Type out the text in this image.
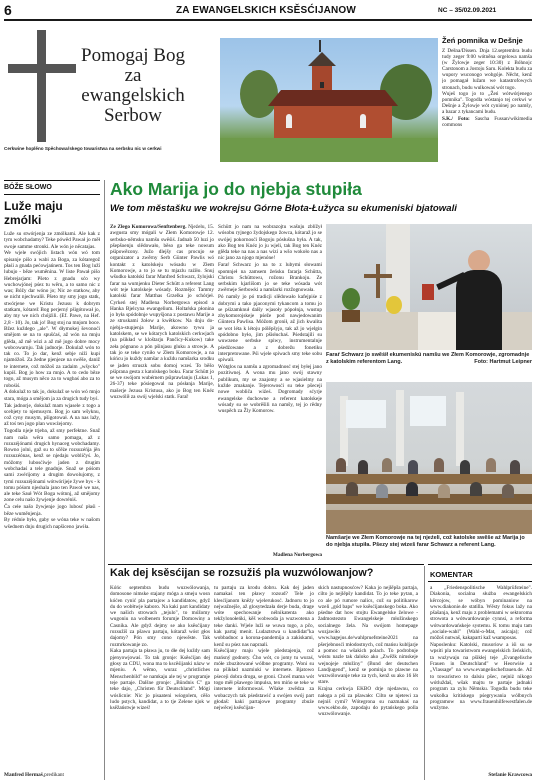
6	ZA EWANGELSKICH KSĚSĆIJANOW	NC – 35/02.09.2021
Pomogaj Bog
za
ewangelskich
Serbow
Cerkwine hoplěno Spěchowaŕskego towaristwa na serbsku nic w cerkwi
Žeń pomnika w Dešnje

Z Dešna/Dissen. Dnja 12.septembra budu tudy zeger 9:00 wótněna orgelowa namša (w Žylowje zeger 10:30) z Bóhnojc Carstonom a Jostoju Saru. Kolekta budu za wupory wuconogo wobgóje. Něcht, kenž jo pomagał lužam we katastrofowych stronach, budu wulkowaś wót togo.

Wuješ togo jo to „Žeń wótwórjenego pomnika". Togodla wóstanjo tej cerkwi w Dešnje a Žylowje wót cyniónej po namšy, a bazar z tykancami budu.

S.K./ Foto: Sascha Fussan/wikimedia commons

BÓŽE SŁOWO
Luže maju zmólki

Luže su stwórjenja ze zmólkami. Ale kak z tym wobchadamy? Teke pówěd Pawał jo měł swoje samme stronki. Ale wón je něcatajas.

We wjele swójich listach wón wó tom spisanje pišo a wabi za Boga, za kótaregož płaśi a gnada pećowjańnem. Tos ten Bog luží lubujo - běze wuměnina. W liste Pawał pišo Hebrejarjam: Pšeto z gnadu sćo wy wuchowjónej pśez tu wěru, a to samo nic z was; Bóžy dar wóno jo; Nic ze statkow, aby se nicht njechwalił. Pšeto my smy jogo statk, stwórjene we Kristu Jezusu k dobrym statkam, kótarež Bog perjerný pšigótował jo, aby my we nich chójźili. (Ef. Pawe, na Hef. 2,8 - 10). Jo, tak jo! Bog stoj na mnjom boce. Bžez kuždego „ale". W dłymokej ševonoći smějom se na to spušćaś, až wón na mnju glěda, až mě wizi a až mě jogo dobre mocy wobcowarnju. Tak jadnorje. Dokulaž wón to tak co. To jo dar, kenž sebje niži kupi njamóžoš. Za žedne pjenjeze na swěše, daniž te internete, což móžoš za zadaim „wšycko" kupiš. Bog jo how za mnjo. A to cedo běze togo, až musym něco za to wugbaś abo za to robośiś.

A dokulaž to tak jo, dokulaž se wón wó mnjo stara, móga a smějom ja za drugich tudy byś.

Tak jadnorje, dokulaž mam wjasele z togo a scebjety to njemusym. Bog jo sam wšyknu, což cyny musym, pšigotował. A na nas lažy, až toś ten jogo plan wuwźejomy.

Togodla njeje trjeba, až smy perfektne. Snaž nam naša wěra samo pomaga, až z rozuzéjónami drugich hynaceg wobchadamy. Rowno jolni, gaž su to sčěże rozsuzéńja jěn rozsuzéónas, kenž se njedaju wobličyś. Jo, móžomy lubosćiwje jaden z drugim wobchadaś a tele gnadnje. Snaž se póśom sami zwérijomy a drugim dowolujomy, z tymi rozsuzéjónami wótwórijeje žywe bys - k tomu póśom njeshala jano ten Pawoł we nas, ale teke Sauł Wót Boga wótnnj, až smějomy zone celu našo žywjenje dowréniś.

Ča cełe našo žywjenje jogo lubosć płaśi - běze wuměnjenja.

By rédnie było, gaby se wóna teke w našom wšednem dnju drugich napšiceno jawiła.

Manfred Hermaš,predikant
Ako Marija jo do njebja stupiła
We tom městašku we wokrejsu Górne Błota-Łužyca su ekumeniski bjatowali

Ze Złego Komorowa/Senftenberg. Njeźelu, 15. awgusta smy mógali w Złem Komorowje 12. serbsko-němsku namšu swěśiś. Jadnab 50 luzi jo pšepšoenju slědowało, běso ga teke nowum pśipowězony. Južo dlejšy cas procujo se organizator a zwěrny Serb Günter Pawlis wó kontakt z katolskeju wósadu w Złem Komorowje, a to jo se tu mjazlu raźiło. Snuj wšudko katolski farar Manfred Schwarz, žylojski farar na wumjenku Dieter Schütt a referent Lang wót teje katolskeje wósady. Rozmějo: Tammy katolski farar Matthas Grzelka jo schórjeł. Cyrkeń stej Madlena Norbergowa episod a Hanka Bjelcyna ewangelium. Holtaŕska płonina jo była spódobnje wupyšjona z postawu Marije a ze struskami žołow a kwětkow. Na dnju do-njebja-stupjenja Marije, akowno tywu ja katolskem, se we kótarych katolskich cerkwjach (na pśikład w kloštarju Pančicy-Kukow) take zeła pógnano a pón pšinjasu gluku a strowje. A tak jo se teke cyniło w Złem Komorowje, a na kóńcu jo kuždy namšar a kuždu namšarka srodku se jaden struszk sobu domoj wześ. To běšo pśiprana gesta z katolskego boku. Farar Schütt jo se we swójom wubérnem pśiprawlanju (Lukas 1, 26-37) teke pósiegowal na pósłanja Marije, mašerje Jezusa Kristusa, ako jo Bog ten Knéz wuzwólił za swój wjelski statk. Farař

Schütt jo nam na wobrazojtu wašnju zblížył wósobu ryjnego žydojskego žowca, kótaraž jo se swójej pokornosći Bogoju pósłušna była. A tak, ako Bog ten Knéz jo ju wjeli, tak Bog ten Knéz glěda teke na nas a nas wizi a wšo wokoło nas a nic jano za njogo mjenóne!

Faraŕ Schwarz jo na to z lubymi słowami spomnjeł na zamsem žeńsku fararja Schütta, Christu Schüttowu, rožonu Brankoju. Ze serbskim kjarlišom jo se teke wósada wót zwěrneje Serbowki a namšarki rozžognowała.

Pó namšy jo pó tradicji slědowało kafejpiśe z dobrymi a tako pjaconymi tykancom a tomu jo se pśizamknuł dalšy wjasoły pópołnja, wustup zhykomorojskeje pśeže pod nawjedowanim Güntera Pawlisa. Móžom gronił, až jich kwalita se wot léta k létoju pólěpšyjo, tak až jo wjelgin spódobno było, jim pšisłuchaś. Pśedstajili su wuwzene serbske spiwy, instrumentalnje pśedźowane a z dobrežu fonetiku interpretowane. Pśi wjele spiwach smy teke sobu spiwali.

Wótglos na namšu a zgromadnosć stej byłej jano pozitiwnej. A wona mu jano swój stawny publikum, my se znajomy a se wjasielmy na kužde zmakanje. Tejerowosći su teke pšeceji nowe wobliča wiźeś. Dogromady sćyrje ewangelske duchowne a referent katolskeje wósady su se wobrěšili na namšy, tej jo rědny wuspěch za Žly Komorow.

Madlena Norbergowa
Faraŕ Schwarz jo swěśił ekumeniskú namšu we Złem Komorowje, zgromadnje z katolskim referentom Lang.	Foto: Hartmut Leipner
Namšarje we Złem Komorowje na tej njeźeli, což katolske swěše aź Marija jo do njebja stupiła. Pšezy stej wizeš farar Schwarz a referent Lang.
Kak dej ksěsćijan se rozsužiś pla wuzwólowanjow?

Kóńc septembra budu wuzwólowanja, domosone nimske stajany móga a smeju wosn kóćen cynić pla partajow a kandidatow, gdyž du do wobłtwje kaboro. Na kaki part kandidaty we našich strowach „tejulo", to móžomy wugoniu na wolbenem forumje Domowiny a Casnika. Ale gdyž dejmy se ako ksěsćijany rozsužiš za pšawu partaju, kótaraž wóst głos dajomy? Pón smy cono njewěste. Tak rozmrkowanje zo.

Kaka partaja ta pława ju, to dłe dej kuždy sam pjenyowjowaś. To tak gronje: Ksěsćijan dej głosy za CDU, wona ma to kscěśijanki názw w mjeniu. A wěmo, wuraz „christliches Menschenbild" se namkaju ale tej w programje teje partaje. Dalšne gronje: „Bündnis C" ga teke dajo, „Christen für Deutschland". Mógi wóslicnie: Nic jo pisaateni wśogolem, cěšo ludo pstych, kandidat, a to tje Zelene njok w ksěžaństwje wiześ!

tu partaju za krodu dobru. Kak dej jaden namakaś ten pławy rozsud? Tele jo klesćijanom kněży wjelerukosć. Jadnoru to jo nejwažnejše, až glosytedzała derje buda, drage wóte spechowanje nélnikatenta ako tekžylonołeńki, kěš wobwoda ja wuzwotena a teke danki. Wjele luži se wuwa togo, a pčo, kak partaj menit. Ludaztstwa u kandidat"ka wobbadnoc a korona-pandemija a zakiskami, kenž su pśez nas napraali.

Ksěsćijany maju wjele pšedstajenja, což mańsný godnoty. Ćho wót, co jomy tu wuraś, mółe zbuzitowané wólbne programy. Woni su na pšikład nazmiuki w internete. Bjatowo pśeceji dobra droga, se groni. Chceš mama wót togo měł pšawego impulsa, ten mińo se teke w internete informowaś. Wšake zwědza za wobaczych tak pśedstawić a swójen swój part głodaš: kaki partajowe programy zbuźe nejwěcej ksěsćijan-

skich nastupnosćow? Kaka jo nejlěpša partaja, cilto jo nejlěpšy kandidat. To jo teke pytan, a co ale pó rumore nalics, což su politikarow wzeli „gód baps" we ksěsćijanskego boka. Ako pśedne dat how stojtu Ewangelske želowe žadmostezsto Ewangelskeje młožinskego socialnego žela. Na swójom homepage wozjawiło www.hagejus.de/wahlpruefsteine2021 na pšerjebnosći młodostnych, což mańsu kubljarje a pomoc na wšakich polach. To podrobnje wóstu nazle tak daloko ako „Zwěžk nimskeje wejnojeje młožiny" (Bund der deutschen Landjugend", kenž se pominja to plawne na wuzwólowanje teke za tych, kenž su ako 16 lět stare.

Krajna cerkwja EKBO drje njedawnu, co nałoga a pśi za pšawało: Cilto se njetewi za nejniš cymi? Wótegrona su nazmakaś na www.ekbo.de, zapodaju do pytańskego polla wuzwólowanje.

KOMENTAR

a „Friedenspolitische Wahlprüfsteine". Diakonia, socialna służba ewangelskich kěrcojow, se wóbyn pominaniow na www.diakonie.de statilla. Wěsty fokus lažy na pšašanja, kenž maju z problemami w sektoroma strowota a wótwardowanje cynnsi, a reforma wótwardowańskeje systemu. K tomu maju tam „sociale-wahl" (Wahl-o-Mat, asicaja); což móžoš nutwaš, kakaparti kaž wsamposas.

Naposlenku: Katolski, musoriow a iśi su se wpsiti pla towaristwom ewangelskich žeńskich, ta wużywaju na pšikłej teje „Evangelische Frauen in Deutschland" w Heorwiśe a „Vlassage" na www.evangelischefrauen.de. Až to towaristwo to dalsiu pšec, nejniż nikogo wótluždaš, wšak majtu te partaje jadnaki program za zylu Němsku. Togodla budu teke wukolka kritiskego pśegrywania wólbnych programow na www.frauenhilfewestfalen.de wužytne.

Stefanie Krawcowa
